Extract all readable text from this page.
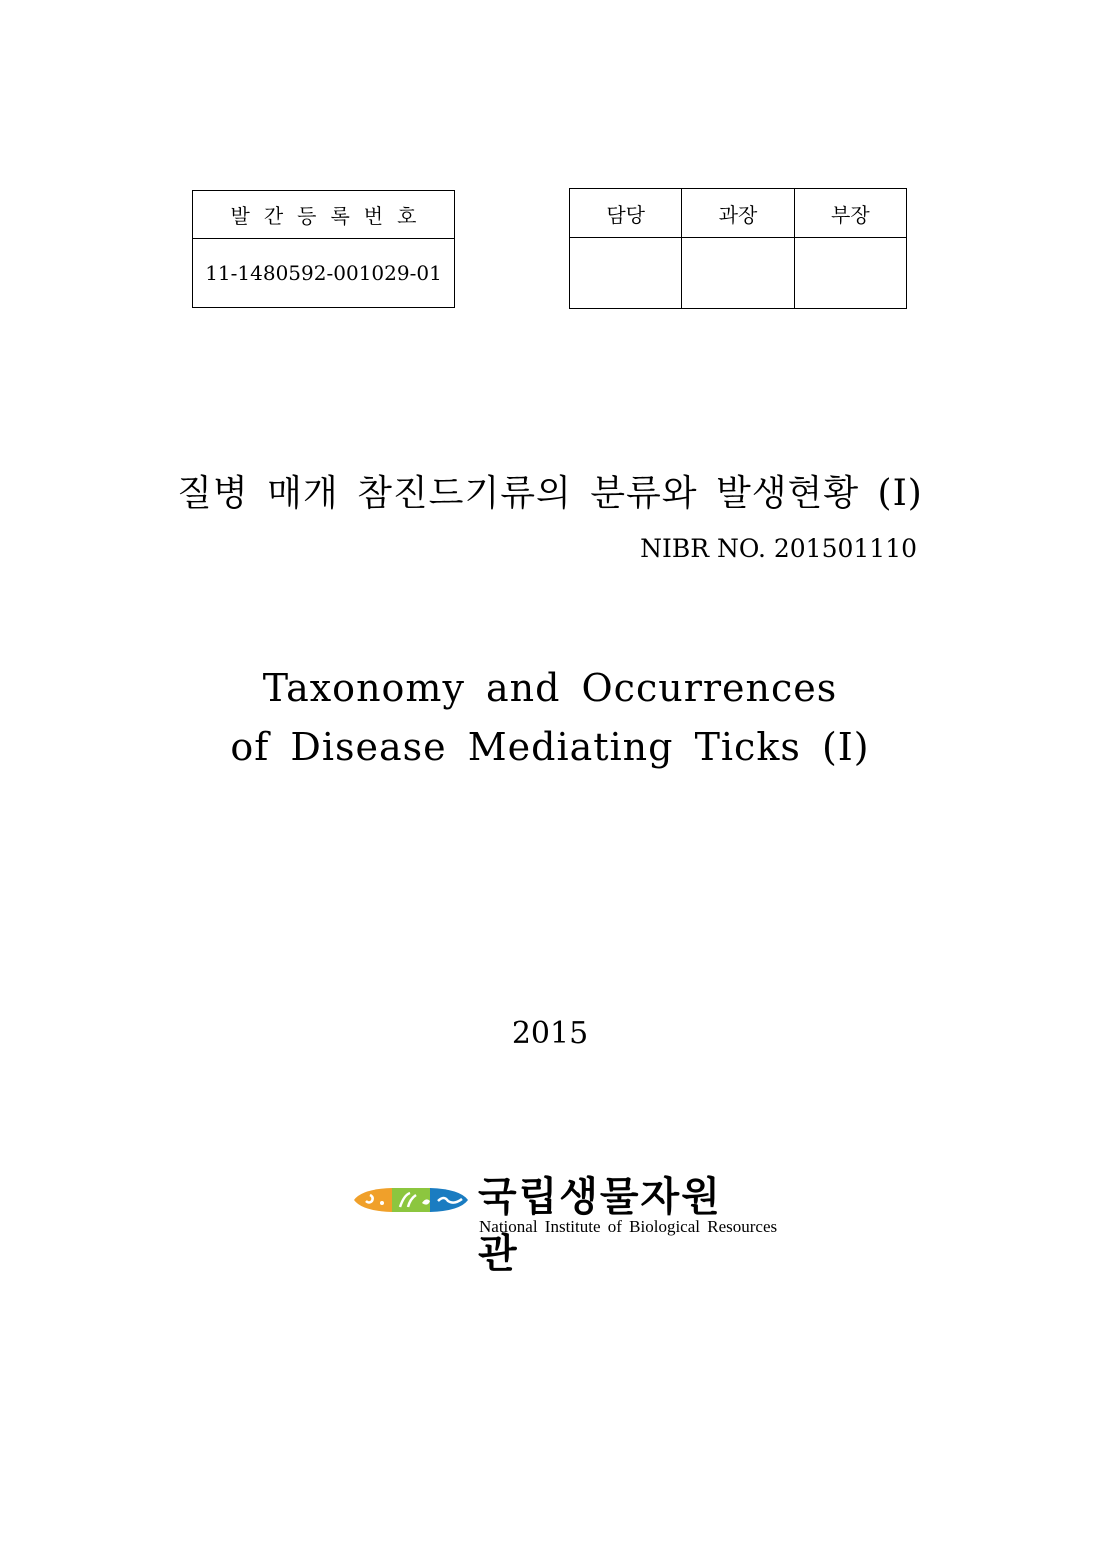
발간등록번호
11-1480592-001029-01
담당	과장	부장

질병 매개 참진드기류의 분류와 발생현황 (I)
NIBR NO. 201501110
Taxonomy and Occurrences
of Disease Mediating Ticks (I)
2015
국립생물자원관
National Institute of Biological Resources
